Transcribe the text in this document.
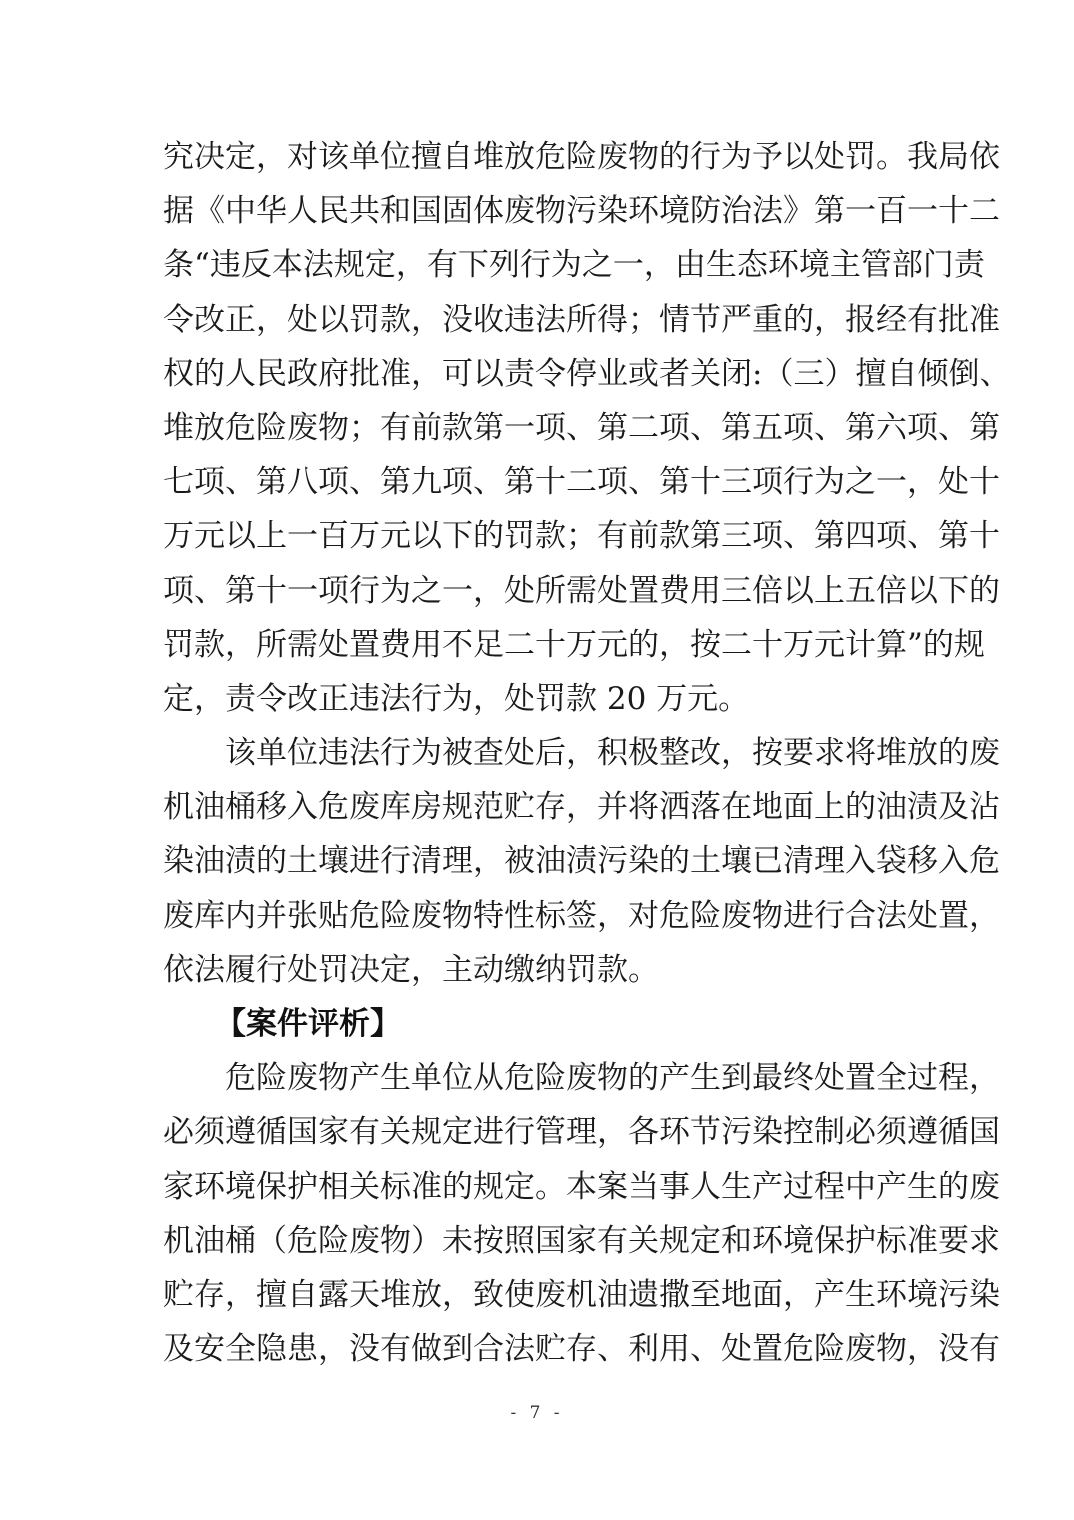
究决定，对该单位擅自堆放危险废物的行为予以处罚。我局依
据《中华人民共和国固体废物污染环境防治法》第一百一十二
条“违反本法规定，有下列行为之一，由生态环境主管部门责
令改正，处以罚款，没收违法所得；情节严重的，报经有批准
权的人民政府批准，可以责令停业或者关闭:（三）擅自倾倒、
堆放危险废物；有前款第一项、第二项、第五项、第六项、第
七项、第八项、第九项、第十二项、第十三项行为之一，处十
万元以上一百万元以下的罚款；有前款第三项、第四项、第十
项、第十一项行为之一，处所需处置费用三倍以上五倍以下的
罚款，所需处置费用不足二十万元的，按二十万元计算”的规
定，责令改正违法行为，处罚款 20 万元。
该单位违法行为被查处后，积极整改，按要求将堆放的废
机油桶移入危废库房规范贮存，并将洒落在地面上的油渍及沾
染油渍的土壤进行清理，被油渍污染的土壤已清理入袋移入危
废库内并张贴危险废物特性标签，对危险废物进行合法处置，
依法履行处罚决定，主动缴纳罚款。
【案件评析】
危险废物产生单位从危险废物的产生到最终处置全过程，
必须遵循国家有关规定进行管理，各环节污染控制必须遵循国
家环境保护相关标准的规定。本案当事人生产过程中产生的废
机油桶（危险废物）未按照国家有关规定和环境保护标准要求
贮存，擅自露天堆放，致使废机油遗撒至地面，产生环境污染
及安全隐患，没有做到合法贮存、利用、处置危险废物，没有
- 7 -
